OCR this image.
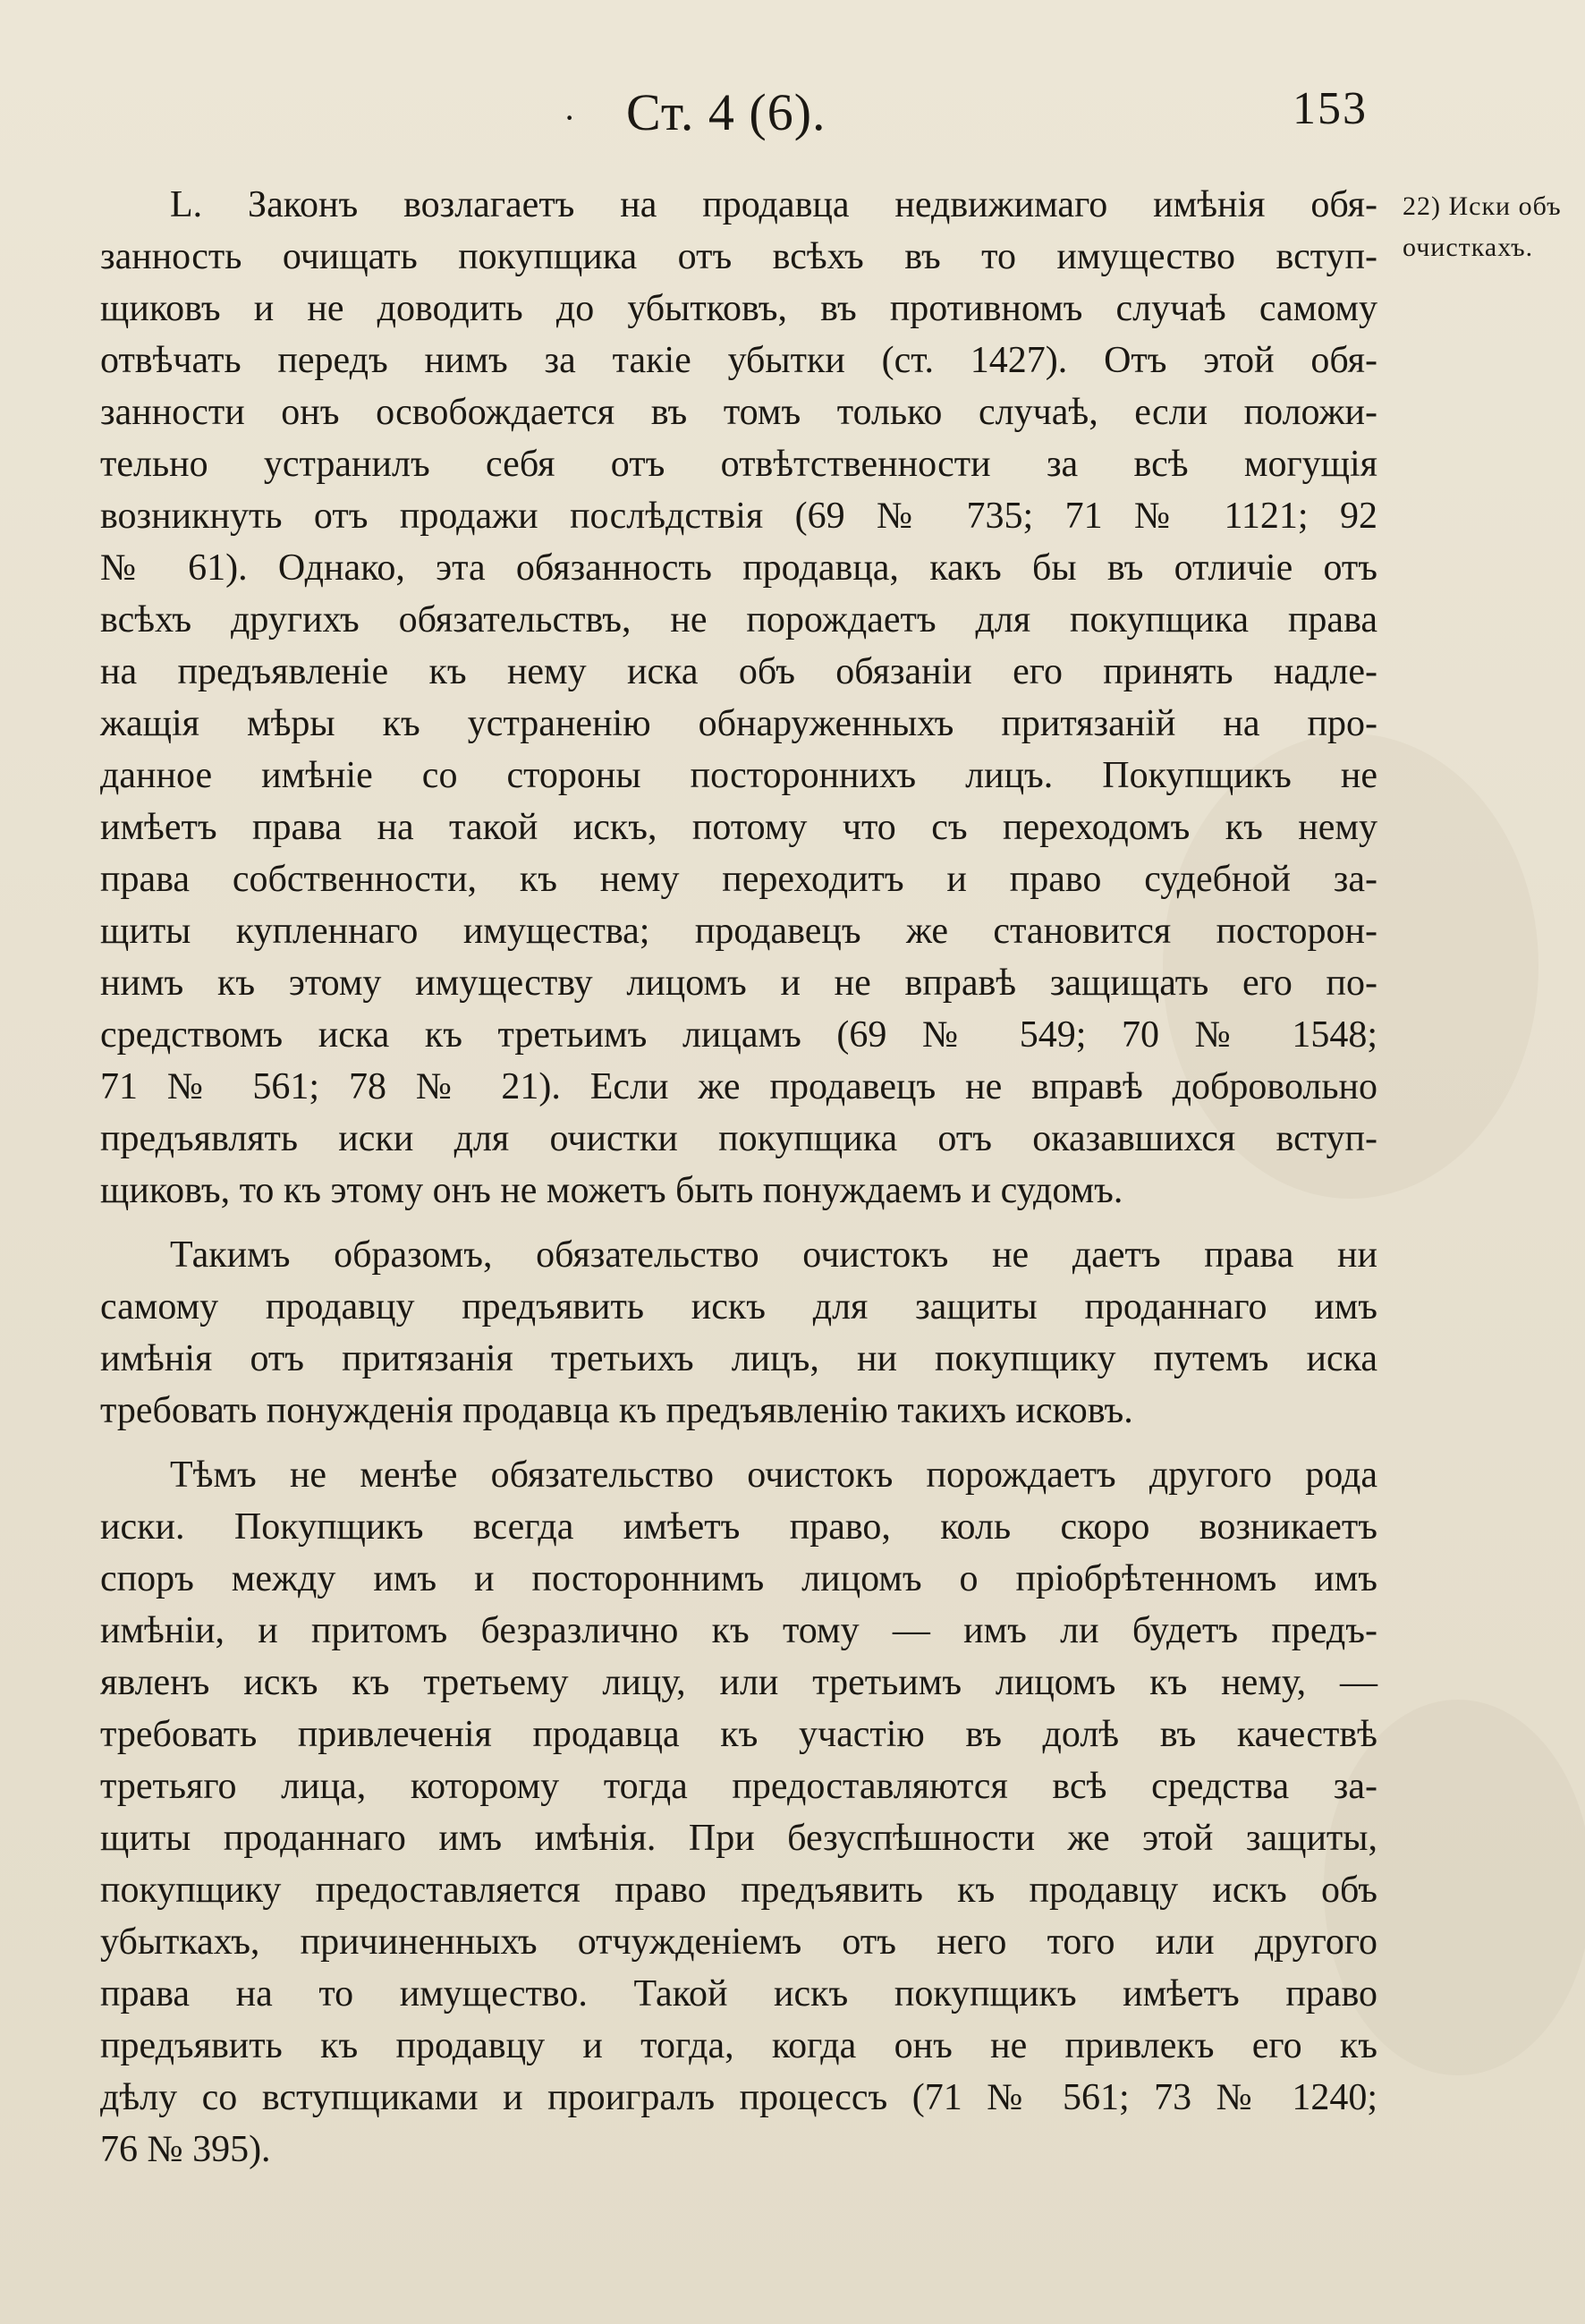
· Ст. 4 (6).	153
22) Иски объ очисткахъ.
L. Законъ возлагаетъ на продавца недвижимаго имѣнія обя-
занность очищать покупщика отъ всѣхъ въ то имущество вступ-
щиковъ и не доводить до убытковъ, въ противномъ случаѣ самому
отвѣчать передъ нимъ за такіе убытки (ст. 1427). Отъ этой обя-
занности онъ освобождается въ томъ только случаѣ, если положи-
тельно устранилъ себя отъ отвѣтственности за всѣ могущія
возникнуть отъ продажи послѣдствія (69 № 735; 71 № 1121; 92
№ 61). Однако, эта обязанность продавца, какъ бы въ отличіе отъ
всѣхъ другихъ обязательствъ, не порождаетъ для покупщика права
на предъявленіе къ нему иска объ обязаніи его принять надле-
жащія мѣры къ устраненію обнаруженныхъ притязаній на про-
данное имѣніе со стороны постороннихъ лицъ. Покупщикъ не
имѣетъ права на такой искъ, потому что съ переходомъ къ нему
права собственности, къ нему переходитъ и право судебной за-
щиты купленнаго имущества; продавецъ же становится посторон-
нимъ къ этому имуществу лицомъ и не вправѣ защищать его по-
средствомъ иска къ третьимъ лицамъ (69 № 549; 70 № 1548;
71 № 561; 78 № 21). Если же продавецъ не вправѣ добровольно
предъявлять иски для очистки покупщика отъ оказавшихся вступ-
щиковъ, то къ этому онъ не можетъ быть понуждаемъ и судомъ.
Такимъ образомъ, обязательство очистокъ не даетъ права ни
самому продавцу предъявить искъ для защиты проданнаго имъ
имѣнія отъ притязанія третьихъ лицъ, ни покупщику путемъ иска
требовать понужденія продавца къ предъявленію такихъ исковъ.
Тѣмъ не менѣе обязательство очистокъ порождаетъ другого рода
иски. Покупщикъ всегда имѣетъ право, коль скоро возникаетъ
споръ между имъ и постороннимъ лицомъ о пріобрѣтенномъ имъ
имѣніи, и притомъ безразлично къ тому — имъ ли будетъ предъ-
явленъ искъ къ третьему лицу, или третьимъ лицомъ къ нему, —
требовать привлеченія продавца къ участію въ долѣ въ качествѣ
третьяго лица, которому тогда предоставляются всѣ средства за-
щиты проданнаго имъ имѣнія. При безуспѣшности же этой защиты,
покупщику предоставляется право предъявить къ продавцу искъ объ
убыткахъ, причиненныхъ отчужденіемъ отъ него того или другого
права на то имущество. Такой искъ покупщикъ имѣетъ право
предъявить къ продавцу и тогда, когда онъ не привлекъ его къ
дѣлу со вступщиками и проигралъ процессъ (71 № 561; 73 № 1240;
76 № 395).
